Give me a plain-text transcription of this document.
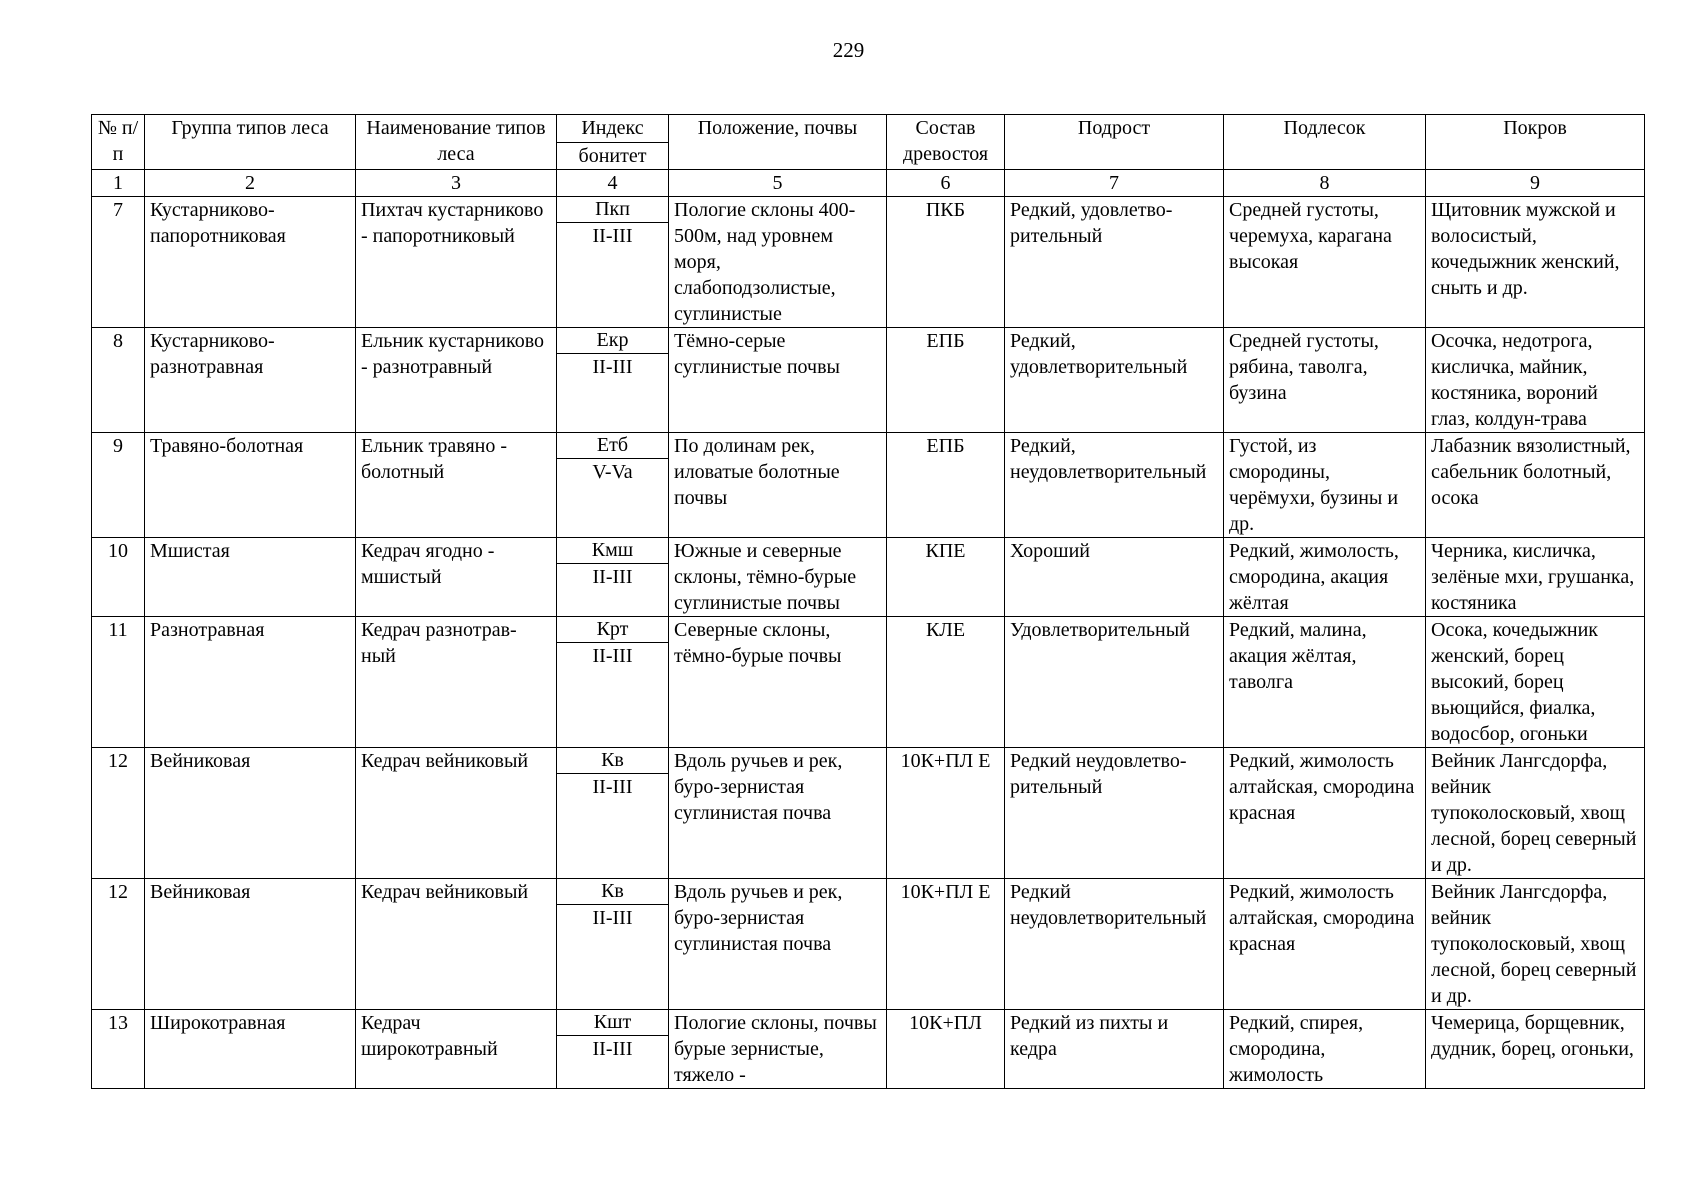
229
№ п/п	Группа типов леса	Наименование типов леса	Индекс	Положение, почвы	Состав древостоя	Подрост	Подлесок	Покров
			бонитет					
1	2	3	4	5	6	7	8	9
7	Кустарниково-папоротниковая	Пихтач кустарниково - папоротниковый	Пкп	Пологие склоны 400-500м, над уровнем моря, слабоподзолистые, суглинистые	ПКБ	Редкий, удовлетво-рительный	Средней густоты, черемуха, карагана высокая	Щитовник мужской и волосистый, кочедыжник женский, сныть и др.
			II-III					
8	Кустарниково-разнотравная	Ельник кустарниково - разнотравный	Екр	Тёмно-серые суглинистые почвы	ЕПБ	Редкий, удовлетворительный	Средней густоты, рябина, таволга, бузина	Осочка, недотрога, кисличка, майник, костяника, вороний глаз, колдун-трава
			II-III					
9	Травяно-болотная	Ельник травяно - болотный	Етб	По долинам рек, иловатые болотные почвы	ЕПБ	Редкий, неудовлетворительный	Густой, из смородины, черёмухи, бузины и др.	Лабазник вязолистный, сабельник болотный, осока
			V-Va					
10	Мшистая	Кедрач ягодно - мшистый	Кмш	Южные и северные склоны, тёмно-бурые суглинистые почвы	КПЕ	Хороший	Редкий, жимолость, смородина, акация жёлтая	Черника, кисличка, зелёные мхи, грушанка, костяника
			II-III					
11	Разнотравная	Кедрач разнотрав-ный	Крт	Северные склоны, тёмно-бурые почвы	КЛЕ	Удовлетворительный	Редкий, малина, акация жёлтая, таволга	Осока, кочедыжник женский, борец высокий, борец вьющийся, фиалка, водосбор, огоньки
			II-III					
12	Вейниковая	Кедрач вейниковый	Кв	Вдоль ручьев и рек, буро-зернистая суглинистая почва	10К+ПЛ Е	Редкий неудовлетво-рительный	Редкий, жимолость алтайская, смородина красная	Вейник Лангсдорфа, вейник тупоколосковый, хвощ лесной, борец северный и др.
			II-III					
12	Вейниковая	Кедрач вейниковый	Кв	Вдоль ручьев и рек, буро-зернистая суглинистая почва	10К+ПЛ Е	Редкий неудовлетворительный	Редкий, жимолость алтайская, смородина красная	Вейник Лангсдорфа, вейник тупоколосковый, хвощ лесной, борец северный и др.
			II-III					
13	Широкотравная	Кедрач широкотравный	Кшт	Пологие склоны, почвы бурые зернистые, тяжело -	10К+ПЛ	Редкий из пихты и кедра	Редкий, спирея, смородина, жимолость	Чемерица, борщевник, дудник, борец, огоньки,
			II-III					
